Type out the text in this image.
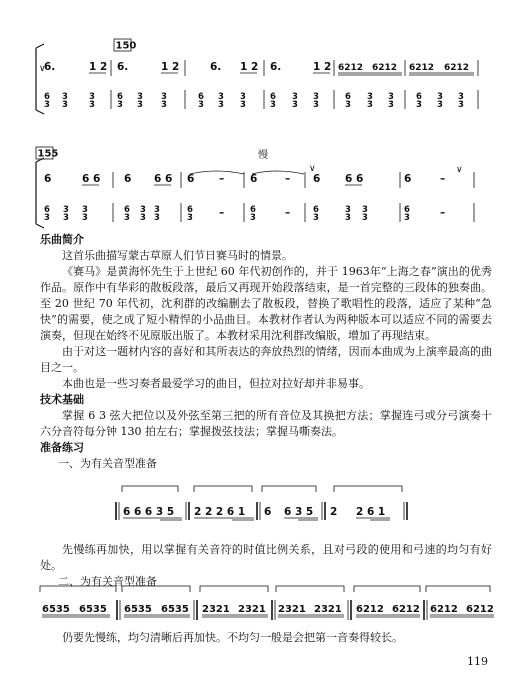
150
∨
6.	1 2 6.	1 2	6. 1 2 6.	1 2 6212 6212 6212 6212
6
3
3
3
3
3
6
3
3
3
3
3
6
3
3
3
3
3
6
3
3
3
3
3
6
3
3
3
3
3
6
3
3
3
3
3
155	慢
6	6 6 6 6 6 6 – 6	–
∨
6 6 6	6
∨
–
6
3
3
3
3
3
6
3
3
3
3
3
6
3 –	6
3	–	6
3
3
3
3
3
6
3	–
6 6 6 3 5 2 2 2 6 1 6 6 3 5 2 2 6 1
6535 6535 6535 6535 2321 2321 2321 2321 6212 6212 6212 6212

乐曲简介

这首乐曲描写蒙古草原人们节日赛马时的情景。

《赛马》是黄海怀先生于上世纪 60 年代初创作的，并于 1963年“上海之春”演出的优秀作品。原作中有华彩的散板段落，最后又再现开始段落结束，是一首完整的三段体的独奏曲。至 20 世纪 70 年代初，沈利群的改编删去了散板段，替换了歌唱性的段落，适应了某种“急快”的需要，使之成了短小精悍的小品曲目。本教材作者认为两种版本可以适应不同的需要去演奏，但现在始终不见原版出版了。本教材采用沈利群改编版，增加了再现结束。

由于对这一题材内容的喜好和其所表达的奔放热烈的情绪，因而本曲成为上演率最高的曲目之一。

本曲也是一些习奏者最爱学习的曲目，但拉对拉好却并非易事。

技术基础

掌握 6 3 弦大把位以及外弦至第三把的所有音位及其换把方法；掌握连弓或分弓演奏十六分音符每分钟 130 拍左右；掌握拨弦技法；掌握马嘶奏法。

准备练习

一、为有关音型准备

先慢练再加快，用以掌握有关音符的时值比例关系，且对弓段的使用和弓速的均匀有好处。

二、为有关音型准备

仍要先慢练，均匀清晰后再加快。不均匀一般是会把第一音奏得较长。

119
